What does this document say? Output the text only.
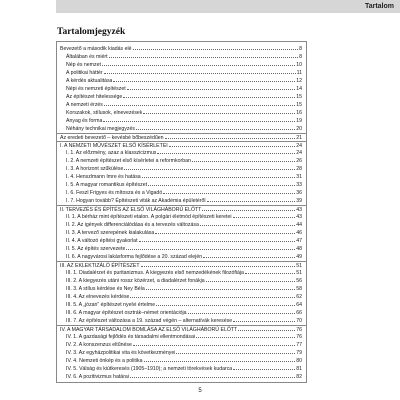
Tartalom
Tartalomjegyzék
Bevezető a második kiadás elé	8
Általában és miért	8
Nép és nemzet	10
A politikai háttér	11
A kérdés aktualitása	12
Népi és nemzeti építészet	14
Az építészet hitelessége	15
A nemzeti érzés	15
Korszakok, stílusok, elnevezések	16
Anyag és forma	19
Néhány technikai megjegyzés	20
Az eredeti bevezető – kevésbé bőbeszédűen	21
I. A NEMZETI MŰVÉSZET ELSŐ KÍSÉRLETEI	24
I. 1. Az előzmény, azaz a klasszicizmus	24
I. 2. A nemzeti építészet első kísérletei a reformkorban	26
I. 3. A horizont szűkülése	28
I. 4. Henszlmann Imre és hatása	31
I. 5. A magyar romantikus építészet	33
I. 6. Feszl Frigyes és mítosza és a Vigadó	36
I. 7. Hogyan tovább? Építészeti viták az Akadémia épületéről	39
II. TERVEZÉS ÉS ÉPÍTÉS AZ ELSŐ VILÁGHÁBORÚ ELŐTT	43
II. 1. A bérház mint építészeti etalon. A polgári életmód építészeti keretei	43
II. 2. Az igények differenciálódása és a tervezés változása	44
II. 3. A tervező szerepének kialakulása	46
II. 4. A változó építési gyakorlat	47
II. 5. Az építés szervezete	48
II. 6. A nagyvárosi lakásforma fejlődése a 20. század elején	49
III. AZ EKLEKTIZÁLÓ ÉPÍTÉSZET	51
III. 1. Diadalérzet és puritanizmus. A kiegyezés első nemzedékének filozófiája	51
III. 2. A kiegyezés utáni rossz közérzet, a diadalérzet fonákja	56
III. 3. A stílus kérdése és Ney Béla	58
III. 4. Az elnevezés kérdése	62
III. 5. A „józan” építészet nyelvi értelme	64
III. 6. A magyar építészet osztrák–német orientációja	66
III. 7. Az építészet változása a 19. század végén – alternatívák keresése	70
IV. A MAGYAR TÁRSADALOM BOMLÁSA AZ ELSŐ VILÁGHÁBORÚ ELŐTT	76
IV. 1. A gazdasági fejlődés és társadalmi ellentmondásai	76
IV. 2. A konszenzus eltűnése	77
IV. 3. Az egyházpolitikai vita és következményei	79
IV. 4. Nemzeti önkép és a politika	80
IV. 5. Válság és kiútkeresés (1905–1910); a nemzeti törekvések kudarca	81
IV. 6. A pozitivizmus határai	82
5
